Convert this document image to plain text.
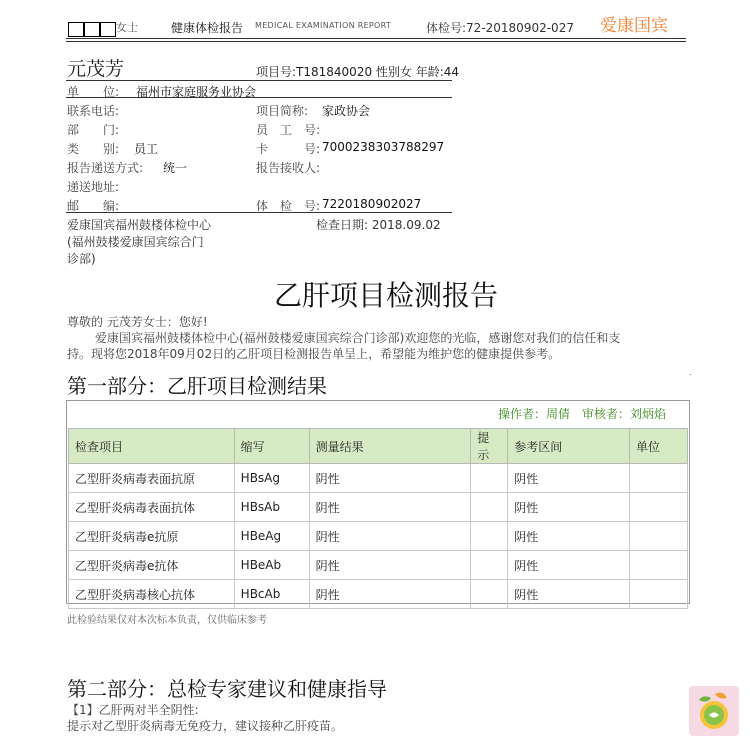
女士	健康体检报告 MEDICAL EXAMINATION REPORT	体检号:72-20180902-027 爱康国宾
元茂芳	项目号:T181840020 性别女 年龄:44
单　　位: 福州市家庭服务业协会
联系电话:	项目简称: 家政协会
部　　门:	员　工　号:
类　　别: 员工	卡　　　号: 7000238303788297
报告递送方式: 统一	报告接收人:
递送地址:
邮　　编:	体　检　号: 7220180902027
爱康国宾福州鼓楼体检中心
(福州鼓楼爱康国宾综合门
诊部)
检查日期: 2018.09.02
乙肝项目检测报告
尊敬的 元茂芳女士：您好!
爱康国宾福州鼓楼体检中心(福州鼓楼爱康国宾综合门诊部)欢迎您的光临，感谢您对我们的信任和支
持。现将您2018年09月02日的乙肝项目检测报告单呈上，希望能为维护您的健康提供参考。
第一部分：乙肝项目检测结果
.
操作者：周倩　审核者：刘炳焰
检查项目	缩写	测量结果	提示	参考区间	单位
乙型肝炎病毒表面抗原	HBsAg	阴性		阴性	
乙型肝炎病毒表面抗体	HBsAb	阴性		阴性	
乙型肝炎病毒e抗原	HBeAg	阴性		阴性	
乙型肝炎病毒e抗体	HBeAb	阴性		阴性	
乙型肝炎病毒核心抗体	HBcAb	阴性		阴性	
此检验结果仅对本次标本负责，仅供临床参考
第二部分：总检专家建议和健康指导
【1】乙肝两对半全阴性:
提示对乙型肝炎病毒无免疫力，建议接种乙肝疫苗。
